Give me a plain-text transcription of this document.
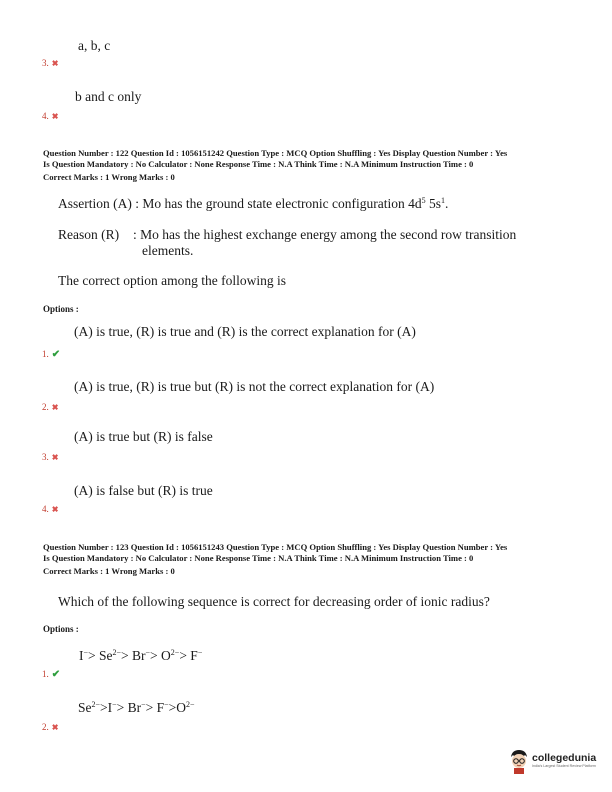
a, b, c
3. ✖
b and c only
4. ✖
Question Number : 122 Question Id : 1056151242 Question Type : MCQ Option Shuffling : Yes Display Question Number : Yes
Is Question Mandatory : No Calculator : None Response Time : N.A Think Time : N.A Minimum Instruction Time : 0
Correct Marks : 1 Wrong Marks : 0
Assertion (A) : Mo has the ground state electronic configuration $4d^5$ $5s^1$.
Reason (R) : Mo has the highest exchange energy among the second row transition
elements.
The correct option among the following is
Options :
(A) is true, (R) is true and (R) is the correct explanation for (A)
1. ✔
(A) is true, (R) is true but (R) is not the correct explanation for (A)
2. ✖
(A) is true but (R) is false
3. ✖
(A) is false but (R) is true
4. ✖
Question Number : 123 Question Id : 1056151243 Question Type : MCQ Option Shuffling : Yes Display Question Number : Yes
Is Question Mandatory : No Calculator : None Response Time : N.A Think Time : N.A Minimum Instruction Time : 0
Correct Marks : 1 Wrong Marks : 0
Which of the following sequence is correct for decreasing order of ionic radius?
Options :
$I^-> Se^{2-}> Br^-> O^{2-}> F^-$
1. ✔
$Se^{2-}>I^-> Br^-> F^->O^{2-}$
2. ✖
collegedunia
India's Largest Student Review Platform
